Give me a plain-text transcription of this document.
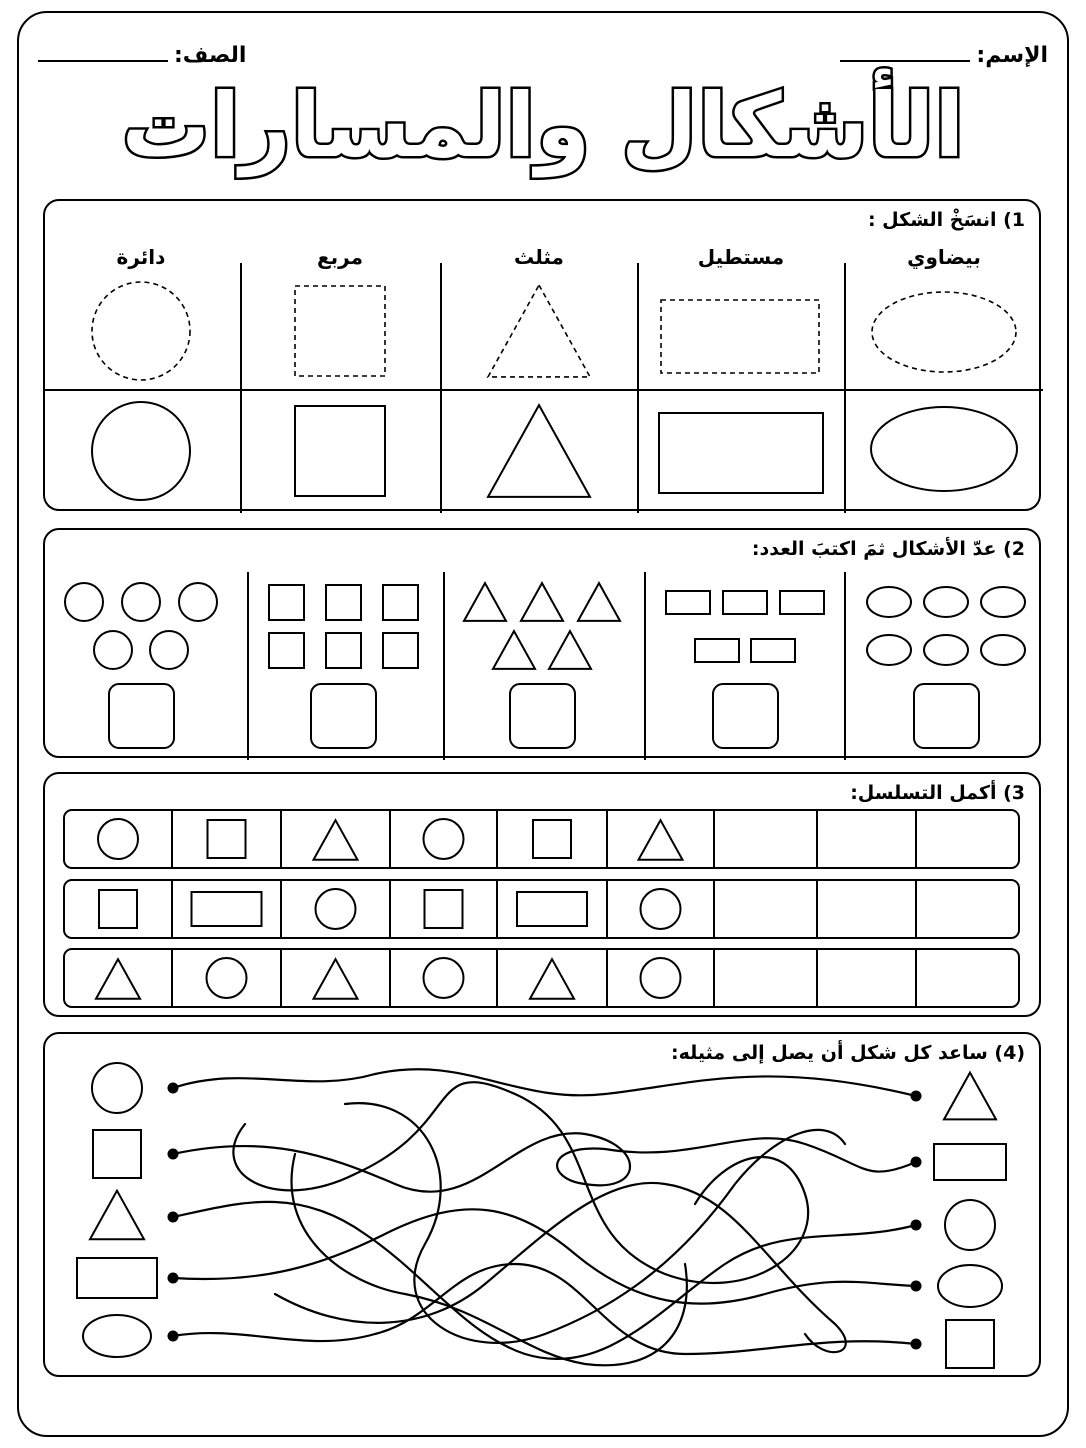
الإسم:
الصف:
الأشكال والمسارات
1) انسَخْ الشكل :
بيضاوي
مستطيل
مثلث
مربع
دائرة
2) عدّ الأشكال ثمَ اكتبَ العدد:
3) أكمل التسلسل:
(4) ساعد كل شكل أن يصل إلى مثيله:
